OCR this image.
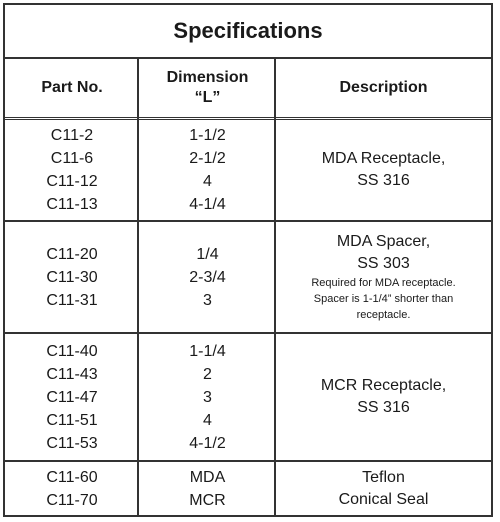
Specifications
Part No.
Dimension
“L”
Description
C11-2
C11-6
C11-12
C11-13
1-1/2
2-1/2
4
4-1/4
MDA Receptacle,
SS 316
C11-20
C11-30
C11-31
1/4
2-3/4
3
MDA Spacer,
SS 303
Required for MDA receptacle.
Spacer is 1-1/4” shorter than
receptacle.
C11-40
C11-43
C11-47
C11-51
C11-53
1-1/4
2
3
4
4-1/2
MCR Receptacle,
SS 316
C11-60
C11-70
MDA
MCR
Teflon
Conical Seal
